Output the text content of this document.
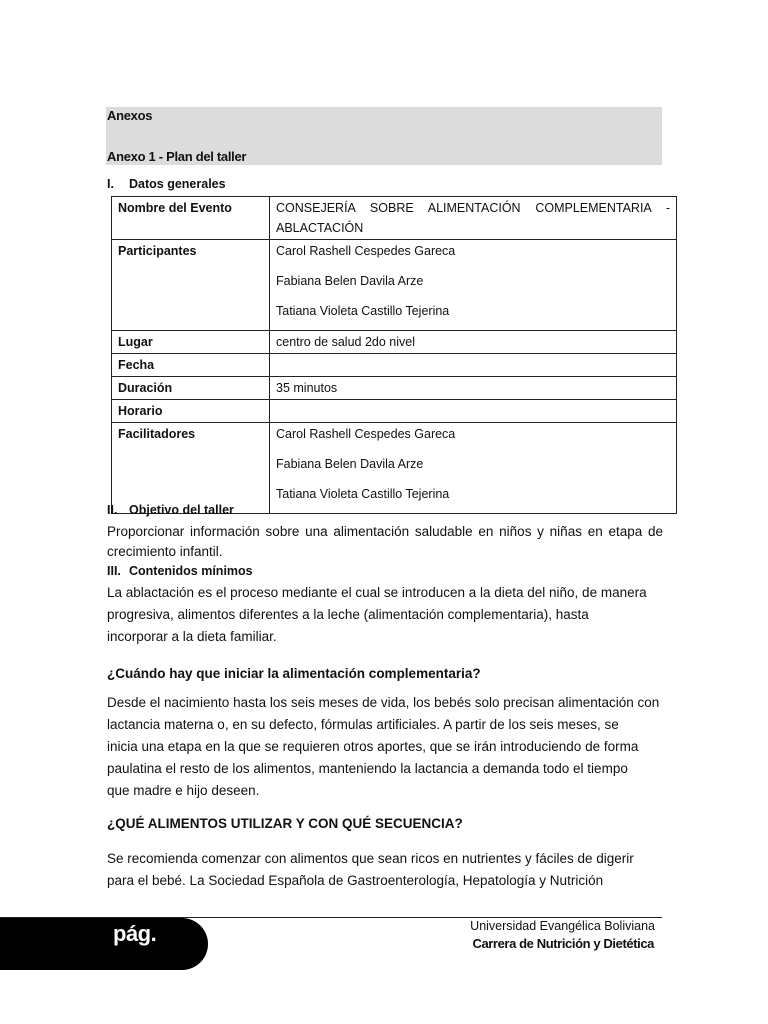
Anexos
Anexo 1 - Plan del taller
I. Datos generales
Nombre del Evento	CONSEJERÍA SOBRE ALIMENTACIÓN COMPLEMENTARIA -
ABLACTACIÓN

Participantes	Carol Rashell Cespedes Gareca
Fabiana Belen Davila Arze
Tatiana Violeta Castillo Tejerina

Lugar	centro de salud 2do nivel
Fecha	
Duración	35 minutos
Horario	
Facilitadores	Carol Rashell Cespedes Gareca
Fabiana Belen Davila Arze
Tatiana Violeta Castillo Tejerina
II. Objetivo del taller
Proporcionar información sobre una alimentación saludable en niños y niñas en etapa de crecimiento infantil.
III. Contenidos mínimos
La ablactación es el proceso mediante el cual se introducen a la dieta del niño, de manera
progresiva, alimentos diferentes a la leche (alimentación complementaria), hasta
incorporar a la dieta familiar.
¿Cuándo hay que iniciar la alimentación complementaria?
Desde el nacimiento hasta los seis meses de vida, los bebés solo precisan alimentación con
lactancia materna o, en su defecto, fórmulas artificiales. A partir de los seis meses, se
inicia una etapa en la que se requieren otros aportes, que se irán introduciendo de forma
paulatina el resto de los alimentos, manteniendo la lactancia a demanda todo el tiempo
que madre e hijo deseen.
¿QUÉ ALIMENTOS UTILIZAR Y CON QUÉ SECUENCIA?
Se recomienda comenzar con alimentos que sean ricos en nutrientes y fáciles de digerir
para el bebé. La Sociedad Española de Gastroenterología, Hepatología y Nutrición
pág.	Universidad Evangélica Boliviana
Carrera de Nutrición y Dietética
